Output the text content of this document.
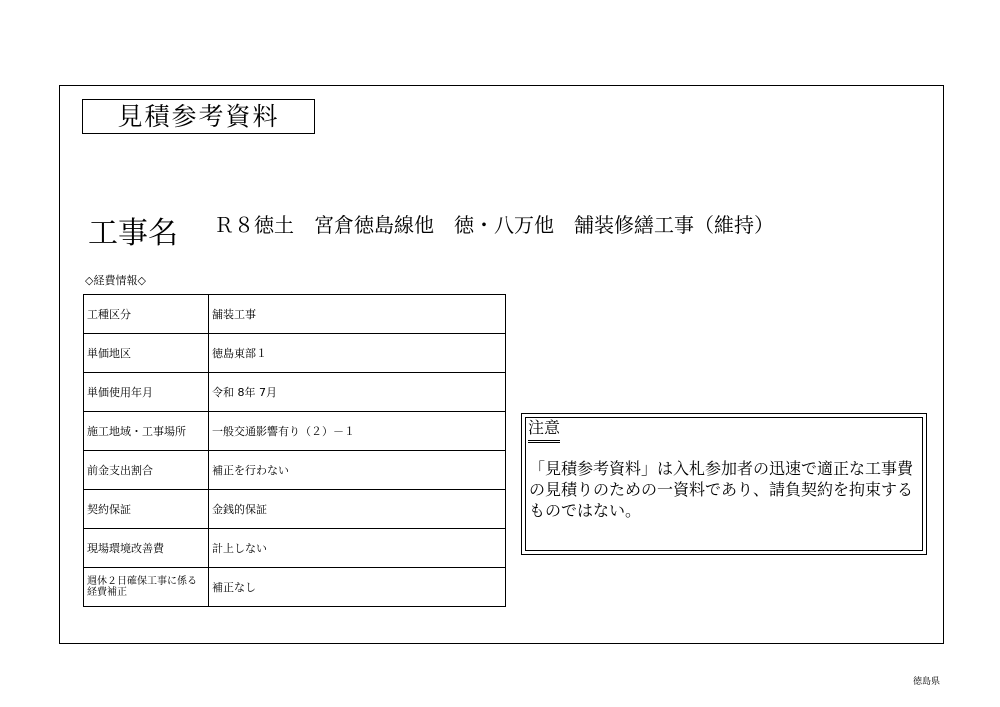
見積参考資料
工事名 Ｒ８徳土　宮倉徳島線他　徳・八万他　舗装修繕工事（維持）
◇経費情報◇
工種区分	舗装工事
単価地区	徳島東部１
単価使用年月	令和 8年 7月
施工地域・工事場所	一般交通影響有り（２）－１
前金支出割合	補正を行わない
契約保証	金銭的保証
現場環境改善費	計上しない
週休２日確保工事に係る経費補正	補正なし
注意
「見積参考資料」は入札参加者の迅速で適正な工事費の見積りのための一資料であり、請負契約を拘束するものではない。
徳島県
